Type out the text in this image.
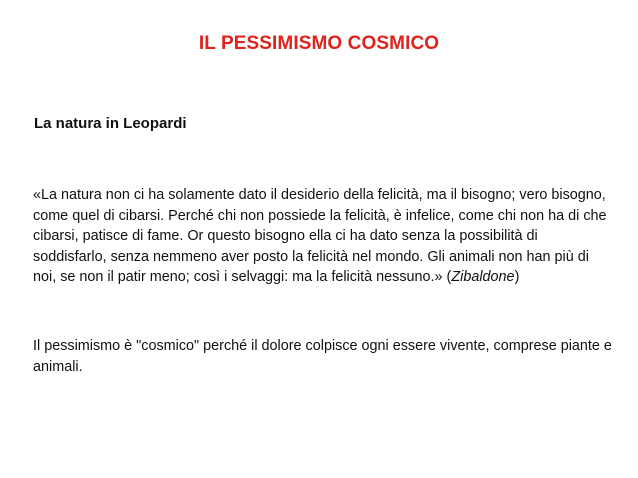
IL PESSIMISMO COSMICO
La natura in Leopardi
«La natura non ci ha solamente dato il desiderio della felicità, ma il bisogno; vero bisogno, come quel di cibarsi. Perché chi non possiede la felicità, è infelice, come chi non ha di che cibarsi, patisce di fame. Or questo bisogno ella ci ha dato senza la possibilità di soddisfarlo, senza nemmeno aver posto la felicità nel mondo. Gli animali non han più di noi, se non il patir meno; così i selvaggi: ma la felicità nessuno.» (Zibaldone)
Il pessimismo è "cosmico" perché il dolore colpisce ogni essere vivente, comprese piante e animali.
